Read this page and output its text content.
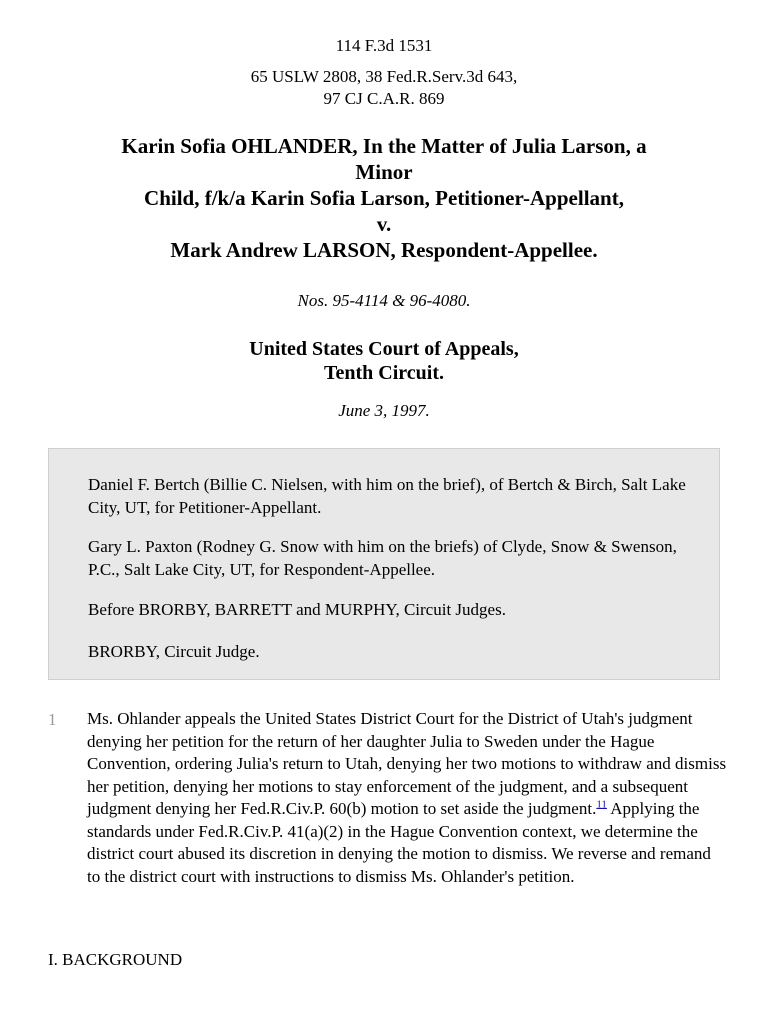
114 F.3d 1531
65 USLW 2808, 38 Fed.R.Serv.3d 643,
97 CJ C.A.R. 869
Karin Sofia OHLANDER, In the Matter of Julia Larson, a
Minor
Child, f/k/a Karin Sofia Larson, Petitioner-Appellant,
v.
Mark Andrew LARSON, Respondent-Appellee.
Nos. 95-4114 & 96-4080.
United States Court of Appeals,
Tenth Circuit.
June 3, 1997.

Daniel F. Bertch (Billie C. Nielsen, with him on the brief), of Bertch & Birch, Salt Lake City, UT, for Petitioner-Appellant.

Gary L. Paxton (Rodney G. Snow with him on the briefs) of Clyde, Snow & Swenson, P.C., Salt Lake City, UT, for Respondent-Appellee.

Before BRORBY, BARRETT and MURPHY, Circuit Judges.

BRORBY, Circuit Judge.

1 Ms. Ohlander appeals the United States District Court for the District of Utah's judgment denying her petition for the return of her daughter Julia to Sweden under the Hague Convention, ordering Julia's return to Utah, denying her two motions to withdraw and dismiss her petition, denying her motions to stay enforcement of the judgment, and a subsequent judgment denying her Fed.R.Civ.P. 60(b) motion to set aside the judgment.$^{11}$ Applying the standards under Fed.R.Civ.P. 41(a)(2) in the Hague Convention context, we determine the district court abused its discretion in denying the motion to dismiss. We reverse and remand to the district court with instructions to dismiss Ms. Ohlander's petition.

I. BACKGROUND
